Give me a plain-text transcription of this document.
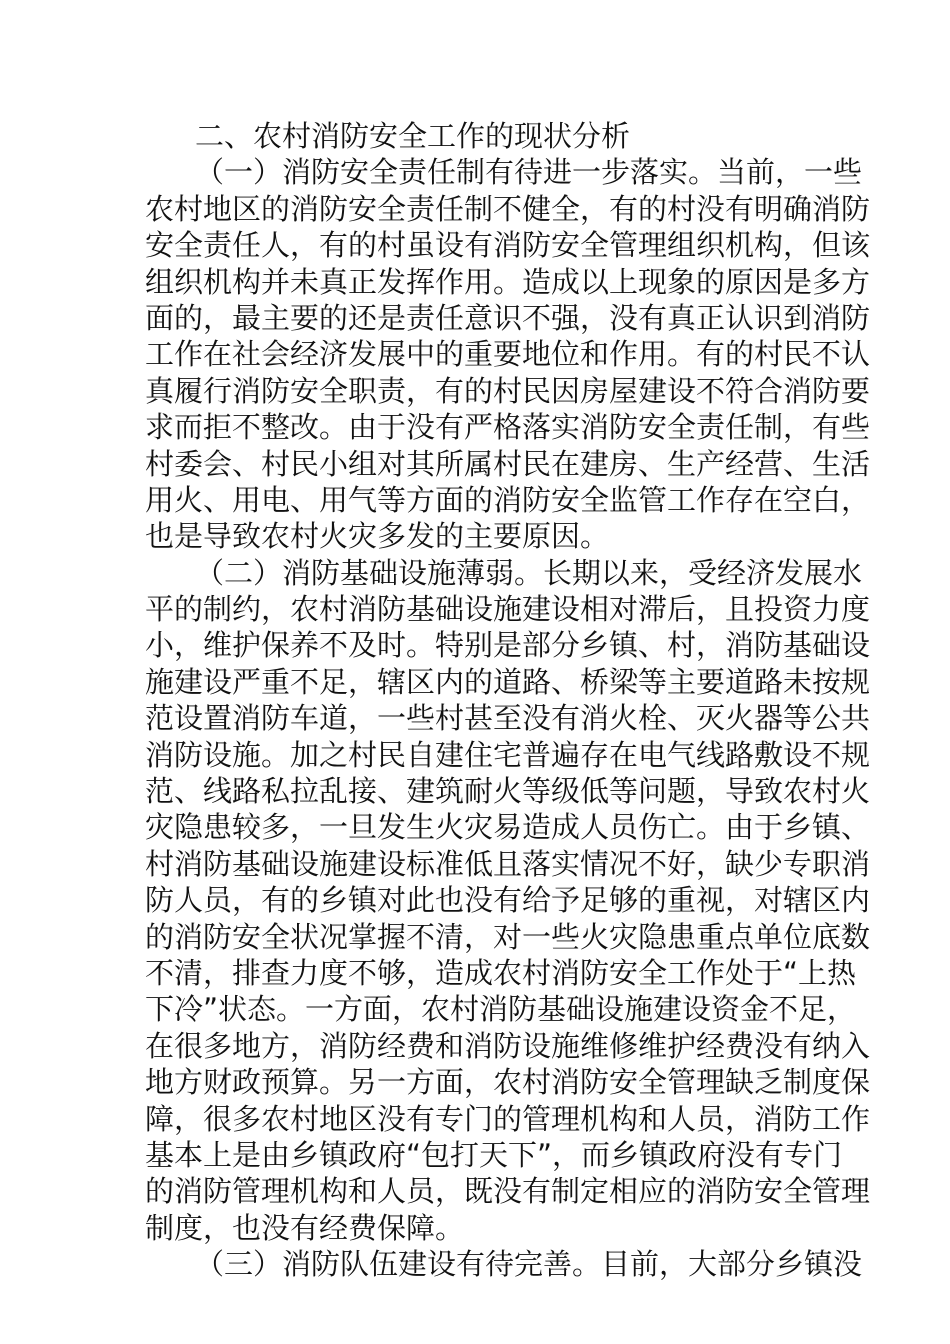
二、农村消防安全工作的现状分析
（一）消防安全责任制有待进一步落实。当前，一些
农村地区的消防安全责任制不健全，有的村没有明确消防
安全责任人，有的村虽设有消防安全管理组织机构，但该
组织机构并未真正发挥作用。造成以上现象的原因是多方
面的，最主要的还是责任意识不强，没有真正认识到消防
工作在社会经济发展中的重要地位和作用。有的村民不认
真履行消防安全职责，有的村民因房屋建设不符合消防要
求而拒不整改。由于没有严格落实消防安全责任制，有些
村委会、村民小组对其所属村民在建房、生产经营、生活
用火、用电、用气等方面的消防安全监管工作存在空白，
也是导致农村火灾多发的主要原因。
（二）消防基础设施薄弱。长期以来，受经济发展水
平的制约，农村消防基础设施建设相对滞后，且投资力度
小，维护保养不及时。特别是部分乡镇、村，消防基础设
施建设严重不足，辖区内的道路、桥梁等主要道路未按规
范设置消防车道，一些村甚至没有消火栓、灭火器等公共
消防设施。加之村民自建住宅普遍存在电气线路敷设不规
范、线路私拉乱接、建筑耐火等级低等问题，导致农村火
灾隐患较多，一旦发生火灾易造成人员伤亡。由于乡镇、
村消防基础设施建设标准低且落实情况不好，缺少专职消
防人员，有的乡镇对此也没有给予足够的重视，对辖区内
的消防安全状况掌握不清，对一些火灾隐患重点单位底数
不清，排查力度不够，造成农村消防安全工作处于“上热
下冷”状态。一方面，农村消防基础设施建设资金不足，
在很多地方，消防经费和消防设施维修维护经费没有纳入
地方财政预算。另一方面，农村消防安全管理缺乏制度保
障，很多农村地区没有专门的管理机构和人员，消防工作
基本上是由乡镇政府“包打天下”，而乡镇政府没有专门
的消防管理机构和人员，既没有制定相应的消防安全管理
制度，也没有经费保障。
（三）消防队伍建设有待完善。目前，大部分乡镇没
